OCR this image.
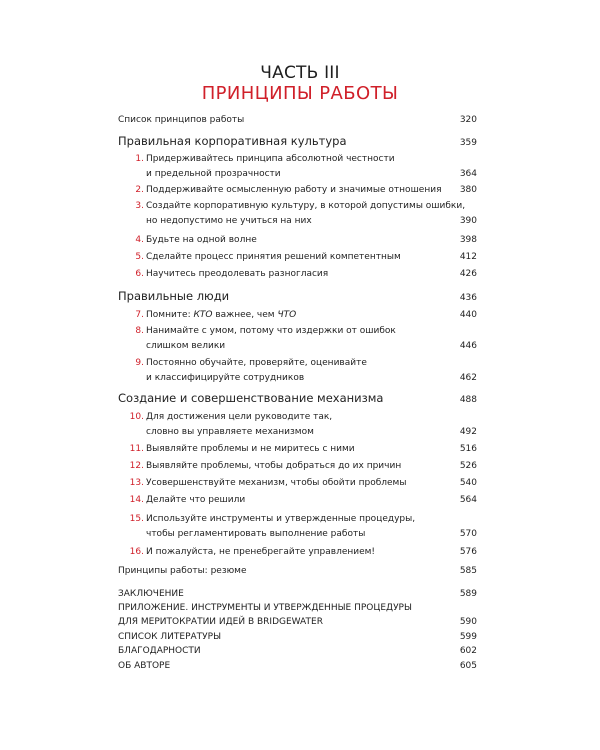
ЧАСТЬ III
ПРИНЦИПЫ РАБОТЫ
Список принципов работы	320
Правильная корпоративная культура	359
1. Придерживайтесь принципа абсолютной честности
и предельной прозрачности	364
2. Поддерживайте осмысленную работу и значимые отношения 380
3. Создайте корпоративную культуру, в которой допустимы ошибки,
но недопустимо не учиться на них	390
4. Будьте на одной волне	398
5. Сделайте процесс принятия решений компетентным	412
6. Научитесь преодолевать разногласия	426
Правильные люди	436
7. Помните: КТО важнее, чем ЧТО	440
8. Нанимайте с умом, потому что издержки от ошибок
слишком велики	446
9. Постоянно обучайте, проверяйте, оценивайте
и классифицируйте сотрудников	462
Создание и совершенствование механизма	488
10. Для достижения цели руководите так,
словно вы управляете механизмом	492
11. Выявляйте проблемы и не миритесь с ними	516
12. Выявляйте проблемы, чтобы добраться до их причин	526
13. Усовершенствуйте механизм, чтобы обойти проблемы	540
14. Делайте что решили	564
15. Используйте инструменты и утвержденные процедуры,
чтобы регламентировать выполнение работы	570
16. И пожалуйста, не пренебрегайте управлением!	576
Принципы работы: резюме	585
ЗАКЛЮЧЕНИЕ	589
ПРИЛОЖЕНИЕ. ИНСТРУМЕНТЫ И УТВЕРЖДЕННЫЕ ПРОЦЕДУРЫ
ДЛЯ МЕРИТОКРАТИИ ИДЕЙ В BRIDGEWATER	590
СПИСОК ЛИТЕРАТУРЫ	599
БЛАГОДАРНОСТИ	602
ОБ АВТОРЕ	605
